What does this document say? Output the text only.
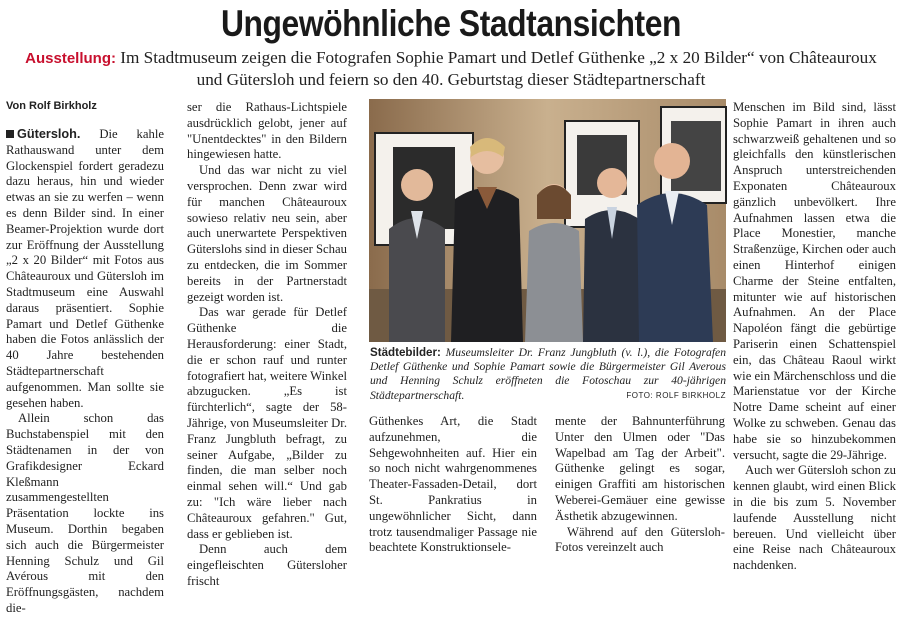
Ungewöhnliche Stadtansichten
Ausstellung: Im Stadtmuseum zeigen die Fotografen Sophie Pamart und Detlef Güthenke „2 x 20 Bilder“ von Châteauroux und Gütersloh und feiern so den 40. Geburtstag dieser Städtepartnerschaft
Von Rolf Birkholz

Gütersloh. Die kahle Rathauswand unter dem Glockenspiel fordert geradezu dazu heraus, hin und wieder etwas an sie zu werfen – wenn es denn Bilder sind. In einer Beamer-Projektion wurde dort zur Eröffnung der Ausstellung „2 x 20 Bilder“ mit Fotos aus Châteauroux und Gütersloh im Stadtmuseum eine Auswahl daraus präsentiert. Sophie Pamart und Detlef Güthenke haben die Fotos anlässlich der 40 Jahre bestehenden Städtepartnerschaft aufgenommen. Man sollte sie gesehen haben.

Allein schon das Buchstabenspiel mit den Städtenamen in der von Grafikdesigner Eckard Kleßmann zusammengestellten Präsentation lockte ins Museum. Dorthin begaben sich auch die Bürgermeister Henning Schulz und Gil Avérous mit den Eröffnungsgästen, nachdem die-

ser die Rathaus-Lichtspiele ausdrücklich gelobt, jener auf "Unentdecktes" in den Bildern hingewiesen hatte.

Und das war nicht zu viel versprochen. Denn zwar wird für manchen Châteauroux sowieso relativ neu sein, aber auch unerwartete Perspektiven Güterslohs sind in dieser Schau zu entdecken, die im Sommer bereits in der Partnerstadt gezeigt worden ist.

Das war gerade für Detlef Güthenke die Herausforderung: einer Stadt, die er schon rauf und runter fotografiert hat, weitere Winkel abzugucken. „Es ist fürchterlich“, sagte der 58-Jährige, von Museumsleiter Dr. Franz Jungbluth befragt, zu seiner Aufgabe, „Bilder zu finden, die man selber noch einmal sehen will.“ Und gab zu: "Ich wäre lieber nach Châteauroux gefahren." Gut, dass er geblieben ist.

Denn auch dem eingefleischten Gütersloher frischt

Städtebilder: Museumsleiter Dr. Franz Jungbluth (v. l.), die Fotografen Detlef Güthenke und Sophie Pamart sowie die Bürgermeister Gil Averous und Henning Schulz eröffneten die Fotoschau zur 40-jährigen Städtepartnerschaft.	FOTO: ROLF BIRKHOLZ

Güthenkes Art, die Stadt aufzunehmen, die Sehgewohnheiten auf. Hier ein so noch nicht wahrgenommenes Theater-Fassaden-Detail, dort St. Pankratius in ungewöhnlicher Sicht, dann trotz tausendmaliger Passage nie beachtete Konstruktionsele-

mente der Bahnunterführung Unter den Ulmen oder "Das Wapelbad am Tag der Arbeit". Güthenke gelingt es sogar, einigen Graffiti am historischen Weberei-Gemäuer eine gewisse Ästhetik abzugewinnen.

Während auf den Gütersloh-Fotos vereinzelt auch

Menschen im Bild sind, lässt Sophie Pamart in ihren auch schwarzweiß gehaltenen und so gleichfalls den künstlerischen Anspruch unterstreichenden Exponaten Châteauroux gänzlich unbevölkert. Ihre Aufnahmen lassen etwa die Place Monestier, manche Straßenzüge, Kirchen oder auch einen Hinterhof einigen Charme der Steine entfalten, mitunter wie auf historischen Aufnahmen. An der Place Napoléon fängt die gebürtige Pariserin einen Schattenspiel ein, das Château Raoul wirkt wie ein Märchenschloss und die Marienstatue vor der Kirche Notre Dame scheint auf einer Wolke zu schweben. Genau das habe sie so hinzubekommen versucht, sagte die 29-Jährige.

Auch wer Gütersloh schon zu kennen glaubt, wird einen Blick in die bis zum 5. November laufende Ausstellung nicht bereuen. Und vielleicht über eine Reise nach Châteauroux nachdenken.
